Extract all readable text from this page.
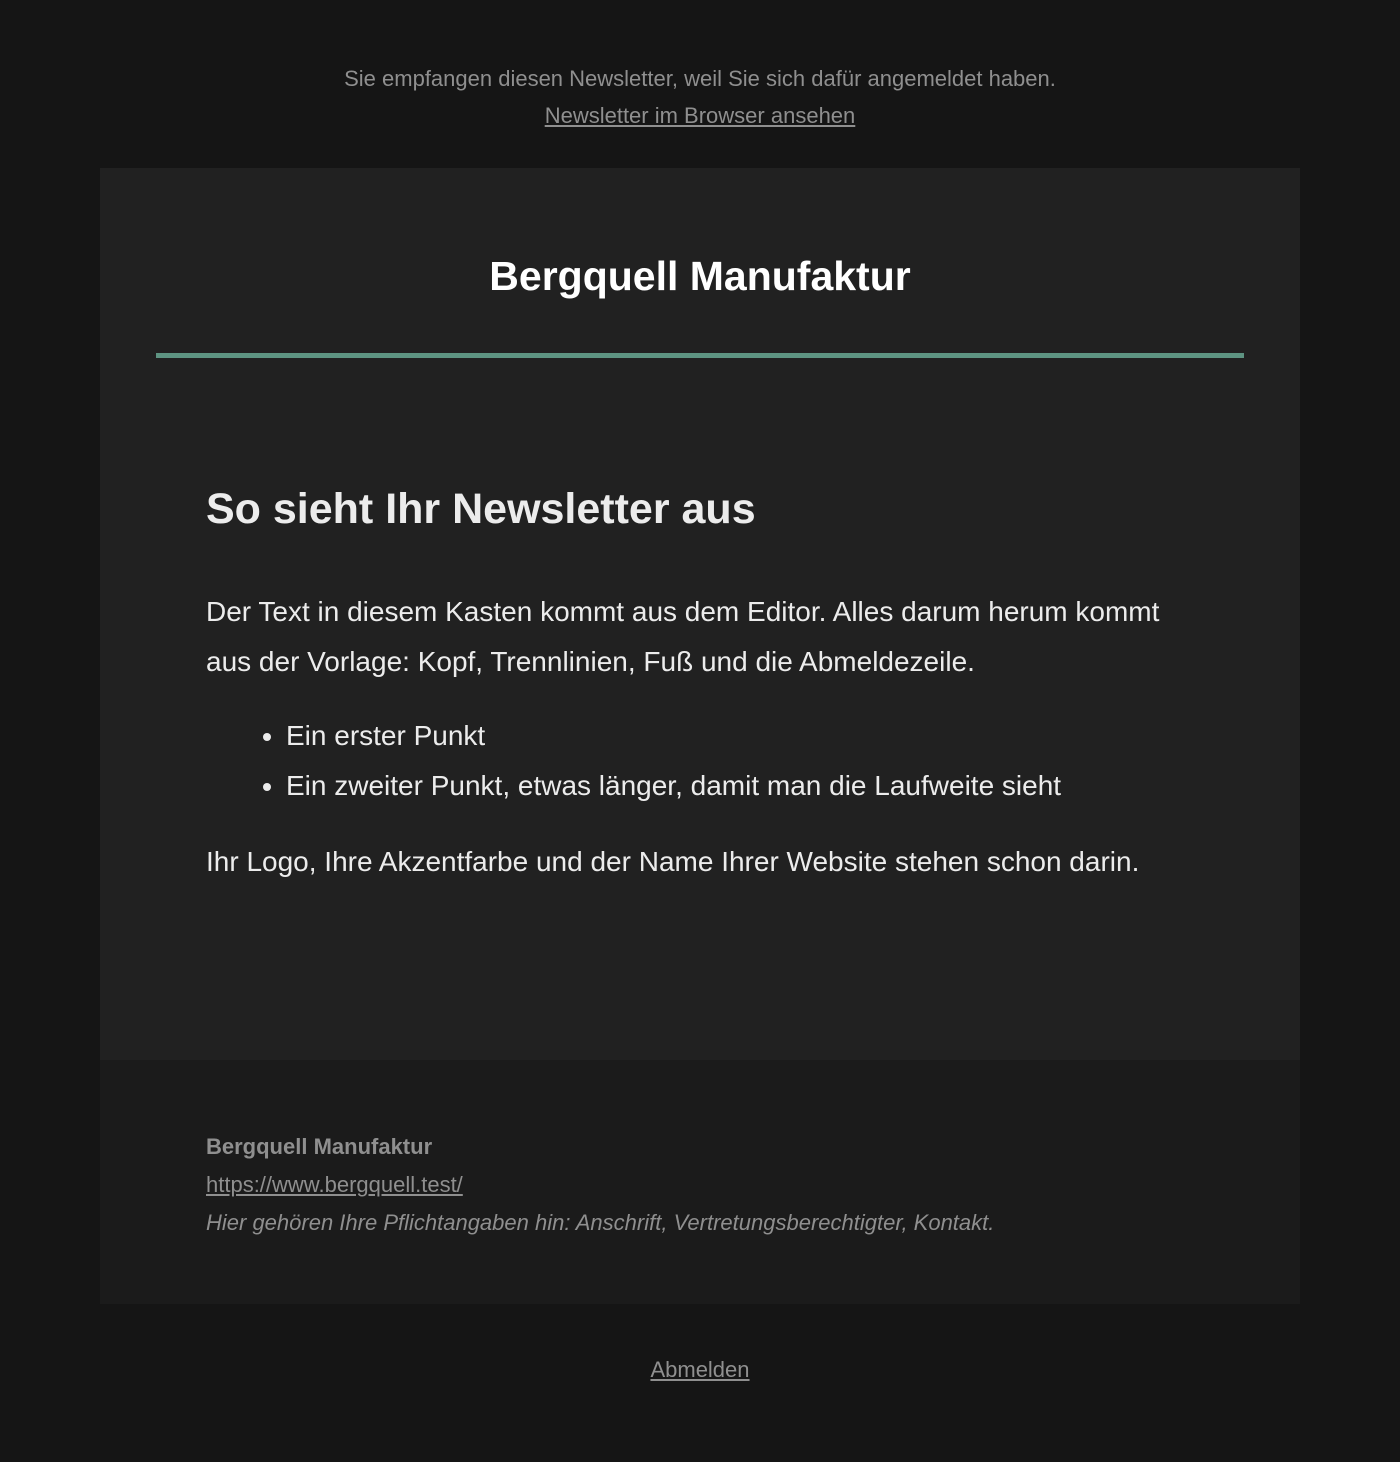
Sie empfangen diesen Newsletter, weil Sie sich dafür angemeldet haben.
Newsletter im Browser ansehen
Bergquell Manufaktur
So sieht Ihr Newsletter aus

Der Text in diesem Kasten kommt aus dem Editor. Alles darum herum kommt aus der Vorlage: Kopf, Trennlinien, Fuß und die Abmeldezeile.

• Ein erster Punkt
• Ein zweiter Punkt, etwas länger, damit man die Laufweite sieht

Ihr Logo, Ihre Akzentfarbe und der Name Ihrer Website stehen schon darin.

Bergquell Manufaktur
https://www.bergquell.test/
Hier gehören Ihre Pflichtangaben hin: Anschrift, Vertretungsberechtigter, Kontakt.
Abmelden
